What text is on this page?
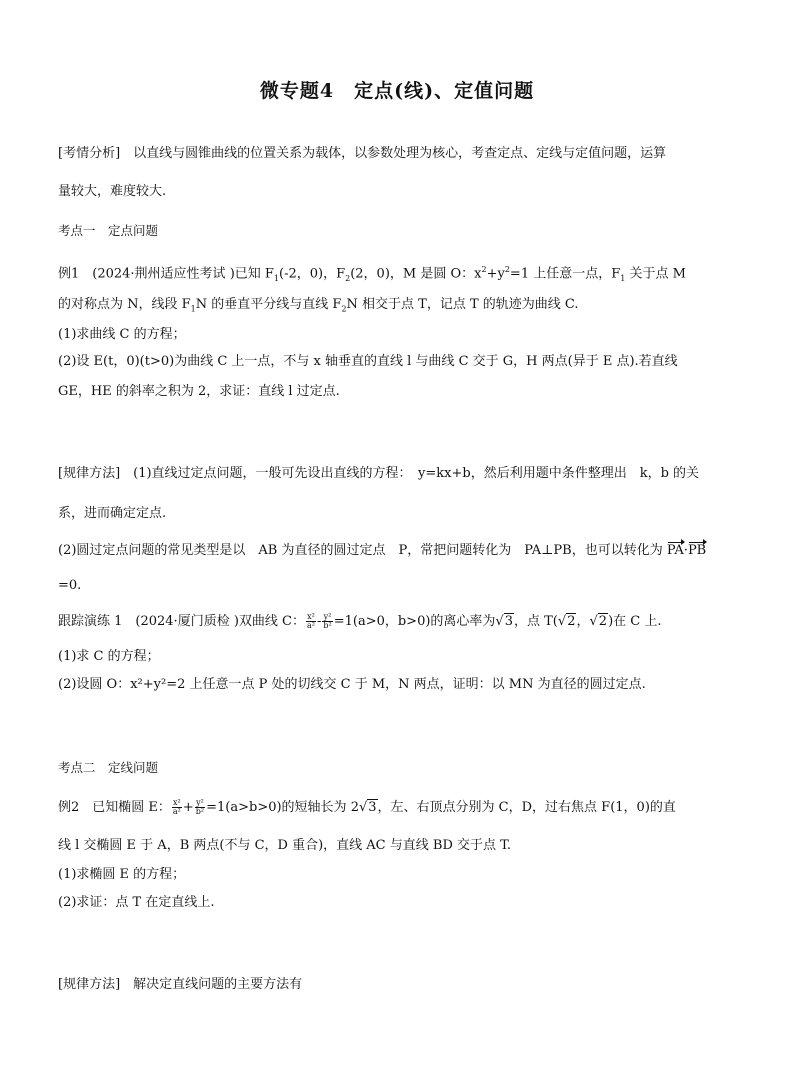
微专题4　定点(线)、定值问题
[考情分析]　以直线与圆锥曲线的位置关系为载体，以参数处理为核心，考查定点、定线与定值问题，运算
量较大，难度较大.
考点一　定点问题
例1　(2024·荆州适应性考试 )已知 $F_1(-2$，0)，$F_2(2$，0)，M 是圆 O：$x^2+y^2=1$ 上任意一点，$F_1$ 关于点 M
的对称点为 N，线段 $F_1N$ 的垂直平分线与直线 $F_2N$ 相交于点 T，记点 T 的轨迹为曲线 C.
(1)求曲线 C 的方程；
(2)设 E(t，0)(t>0)为曲线 C 上一点，不与 x 轴垂直的直线 l 与曲线 C 交于 G，H 两点(异于 E 点).若直线
GE，HE 的斜率之积为 2，求证：直线 l 过定点.
[规律方法]　(1)直线过定点问题，一般可先设出直线的方程：　y=kx+b，然后利用题中条件整理出　k，b 的关
系，进而确定定点.
(2)圆过定点问题的常见类型是以　AB 为直径的圆过定点　P，常把问题转化为　PA⊥PB，也可以转化为 PA·PB
=0.
跟踪演练 1　(2024·厦门质检 )双曲线 C： $\frac{\text{x²}}{\text{a²}} - \frac{\text{y²}}{\text{b²}} =1(a>0$，b>0)的离心率为√3，点 T(√2，√2)在 C 上.
(1)求 C 的方程；
(2)设圆 O：x²+y²=2 上任意一点 P 处的切线交 C 于 M，N 两点，证明：以 MN 为直径的圆过定点.
考点二　定线问题
例2　已知椭圆 E： $\frac{\text{x²}}{\text{a²}} + \frac{\text{y²}}{\text{b²}} =1(a>b>0)$的短轴长为 2√3，左、右顶点分别为 C，D，过右焦点 F(1，0)的直
线 l 交椭圆 E 于 A，B 两点(不与 C，D 重合)，直线 AC 与直线 BD 交于点 T.
(1)求椭圆 E 的方程；
(2)求证：点 T 在定直线上.
[规律方法]　解决定直线问题的主要方法有
